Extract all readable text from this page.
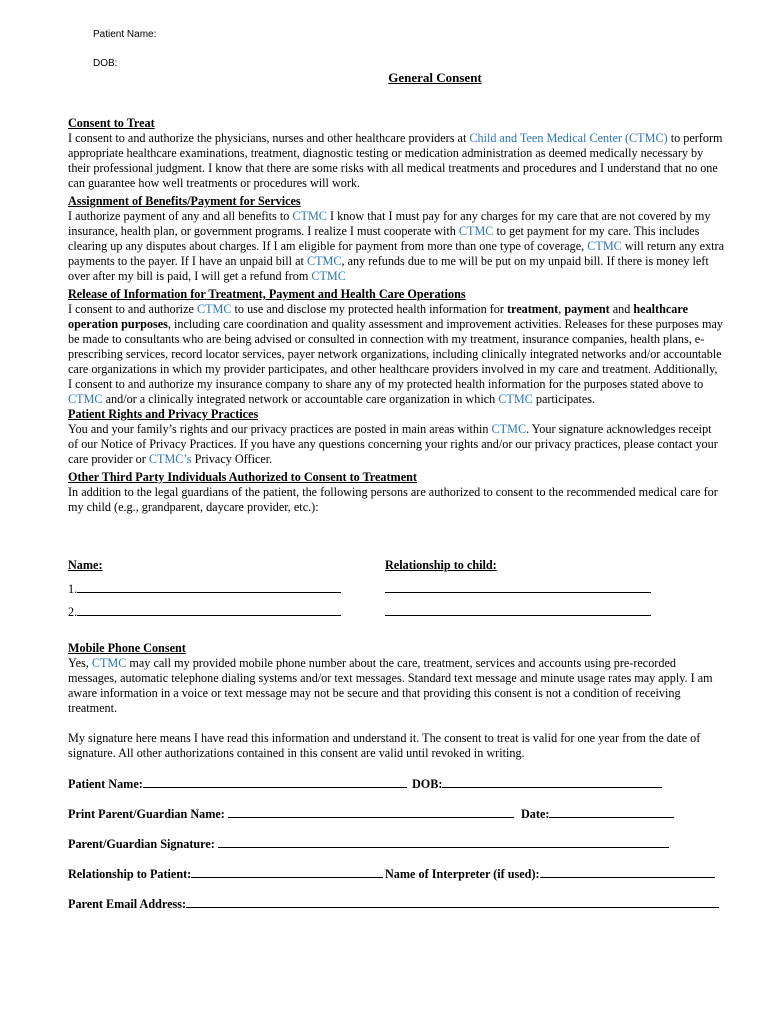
Patient Name:
DOB:
General Consent
Consent to Treat

I consent to and authorize the physicians, nurses and other healthcare providers at Child and Teen Medical Center (CTMC) to perform appropriate healthcare examinations, treatment, diagnostic testing or medication administration as deemed medically necessary by their professional judgment. I know that there are some risks with all medical treatments and procedures and I understand that no one can guarantee how well treatments or procedures will work.

Assignment of Benefits/Payment for Services

I authorize payment of any and all benefits to CTMC I know that I must pay for any charges for my care that are not covered by my insurance, health plan, or government programs. I realize I must cooperate with CTMC to get payment for my care. This includes clearing up any disputes about charges. If I am eligible for payment from more than one type of coverage, CTMC will return any extra payments to the payer. If I have an unpaid bill at CTMC, any refunds due to me will be put on my unpaid bill. If there is money left over after my bill is paid, I will get a refund from CTMC

Release of Information for Treatment, Payment and Health Care Operations

I consent to and authorize CTMC to use and disclose my protected health information for treatment, payment and healthcare operation purposes, including care coordination and quality assessment and improvement activities. Releases for these purposes may be made to consultants who are being advised or consulted in connection with my treatment, insurance companies, health plans, e-prescribing services, record locator services, payer network organizations, including clinically integrated networks and/or accountable care organizations in which my provider participates, and other healthcare providers involved in my care and treatment. Additionally, I consent to and authorize my insurance company to share any of my protected health information for the purposes stated above to CTMC and/or a clinically integrated network or accountable care organization in which CTMC participates.

Patient Rights and Privacy Practices

You and your family’s rights and our privacy practices are posted in main areas within CTMC. Your signature acknowledges receipt of our Notice of Privacy Practices. If you have any questions concerning your rights and/or our privacy practices, please contact your care provider or CTMC’s Privacy Officer.

Other Third Party Individuals Authorized to Consent to Treatment

In addition to the legal guardians of the patient, the following persons are authorized to consent to the recommended medical care for my child (e.g., grandparent, daycare provider, etc.):

Name:	Relationship to child:
1.
2.
Mobile Phone Consent

Yes, CTMC may call my provided mobile phone number about the care, treatment, services and accounts using pre-recorded messages, automatic telephone dialing systems and/or text messages. Standard text message and minute usage rates may apply. I am aware information in a voice or text message may not be secure and that providing this consent is not a condition of receiving treatment.

My signature here means I have read this information and understand it. The consent to treat is valid for one year from the date of signature. All other authorizations contained in this consent are valid until revoked in writing.

Patient Name:	DOB:
Print Parent/Guardian Name:	Date:
Parent/Guardian Signature:
Relationship to Patient:	Name of Interpreter (if used):
Parent Email Address:
